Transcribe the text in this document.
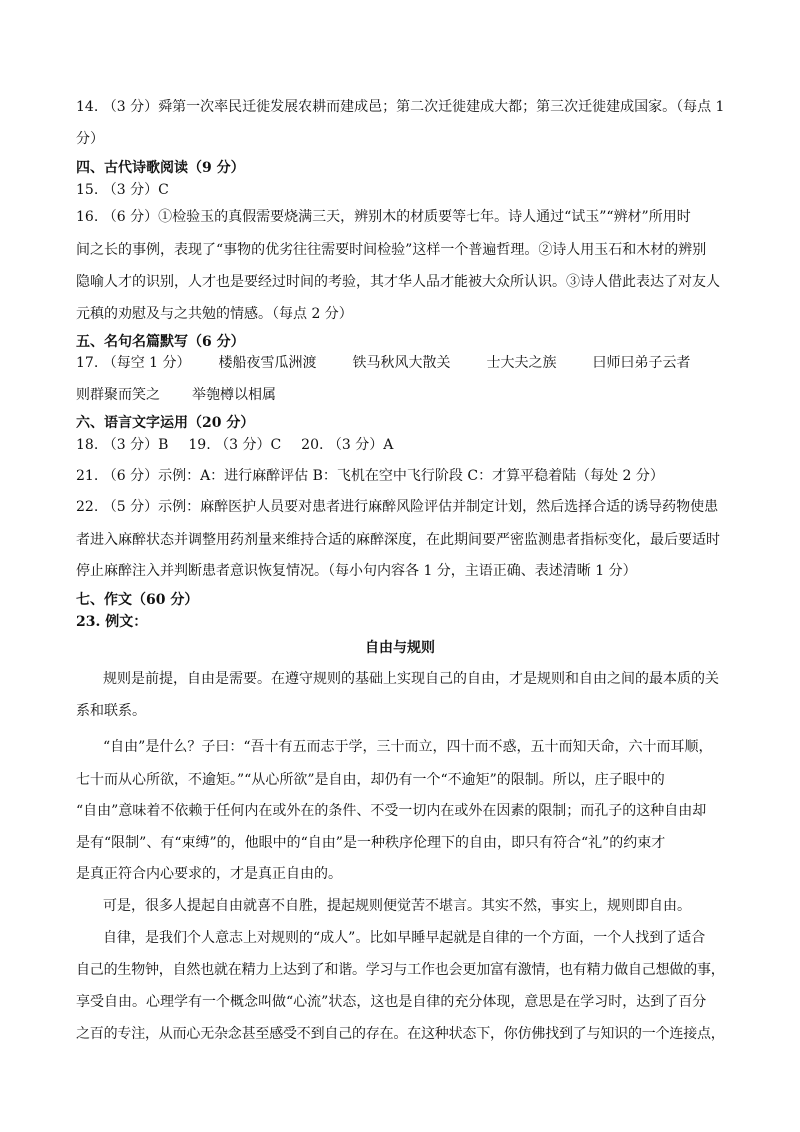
14. （3 分）舜第一次率民迁徙发展农耕而建成邑；第二次迁徙建成大都；第三次迁徙建成国家。（每点 1
分）
四、古代诗歌阅读（9 分）
15. （3 分）C
16. （6 分）①检验玉的真假需要烧满三天，辨别木的材质要等七年。诗人通过“试玉”“辨材”所用时
间之长的事例，表现了“事物的优劣往往需要时间检验”这样一个普遍哲理。②诗人用玉石和木材的辨别
隐喻人才的识别，人才也是要经过时间的考验，其才华人品才能被大众所认识。③诗人借此表达了对友人
元稹的劝慰及与之共勉的情感。（每点 2 分）
五、名句名篇默写（6 分）
17. （每空 1 分） 楼船夜雪瓜洲渡	铁马秋风大散关	士大夫之族	曰师曰弟子云者
则群聚而笑之 举匏樽以相属
六、语言文字运用（20 分）
18. （3 分）B 19. （3 分）C 20. （3 分）A
21. （6 分）示例：A：进行麻醉评估 B：飞机在空中飞行阶段 C：才算平稳着陆（每处 2 分）
22. （5 分）示例：麻醉医护人员要对患者进行麻醉风险评估并制定计划，然后选择合适的诱导药物使患
者进入麻醉状态并调整用药剂量来维持合适的麻醉深度，在此期间要严密监测患者指标变化，最后要适时
停止麻醉注入并判断患者意识恢复情况。（每小句内容各 1 分，主语正确、表述清晰 1 分）
七、作文（60 分）
23. 例文：
自由与规则
规则是前提，自由是需要。在遵守规则的基础上实现自己的自由，才是规则和自由之间的最本质的关
系和联系。
“自由”是什么？子曰：“吾十有五而志于学，三十而立，四十而不惑，五十而知天命，六十而耳顺，
七十而从心所欲，不逾矩。”“从心所欲”是自由，却仍有一个“不逾矩”的限制。所以，庄子眼中的
“自由”意味着不依赖于任何内在或外在的条件、不受一切内在或外在因素的限制；而孔子的这种自由却
是有“限制”、有“束缚”的，他眼中的“自由”是一种秩序伦理下的自由，即只有符合“礼”的约束才
是真正符合内心要求的，才是真正自由的。
可是，很多人提起自由就喜不自胜，提起规则便觉苦不堪言。其实不然，事实上，规则即自由。
自律，是我们个人意志上对规则的“成人”。比如早睡早起就是自律的一个方面，一个人找到了适合
自己的生物钟，自然也就在精力上达到了和谐。学习与工作也会更加富有激情，也有精力做自己想做的事，
享受自由。心理学有一个概念叫做“心流”状态，这也是自律的充分体现，意思是在学习时，达到了百分
之百的专注，从而心无杂念甚至感受不到自己的存在。在这种状态下，你仿佛找到了与知识的一个连接点，
